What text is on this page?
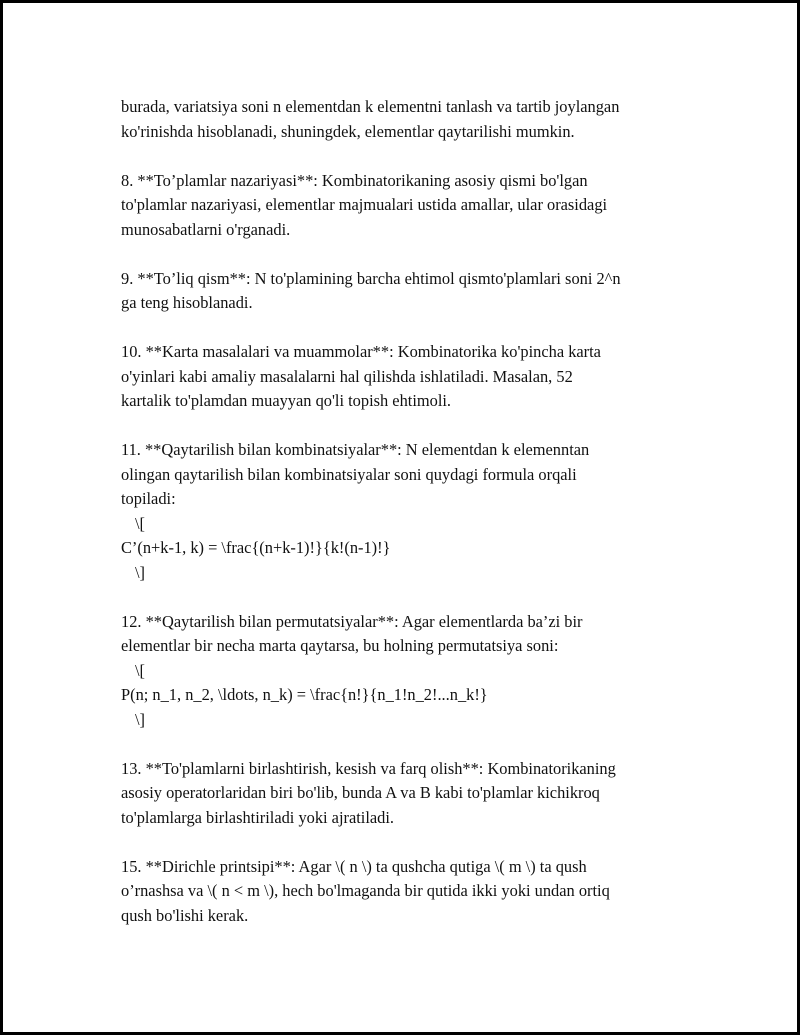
burada, variatsiya soni n elementdan k elementni tanlash va tartib joylangan
ko'rinishda hisoblanadi, shuningdek, elementlar qaytarilishi mumkin.
8. **To’plamlar nazariyasi**: Kombinatorikaning asosiy qismi bo'lgan
to'plamlar nazariyasi, elementlar majmualari ustida amallar, ular orasidagi
munosabatlarni o'rganadi.
9. **To’liq qism**: N to'plamining barcha ehtimol qismto'plamlari soni 2^n
ga teng hisoblanadi.
10. **Karta masalalari va muammolar**: Kombinatorika ko'pincha karta
o'yinlari kabi amaliy masalalarni hal qilishda ishlatiladi. Masalan, 52
kartalik to'plamdan muayyan qo'li topish ehtimoli.
11. **Qaytarilish bilan kombinatsiyalar**: N elementdan k elemenntan
olingan qaytarilish bilan kombinatsiyalar soni quydagi formula orqali
topiladi:
\[
C’(n+k-1, k) = \frac{(n+k-1)!}{k!(n-1)!}
\]
12. **Qaytarilish bilan permutatsiyalar**: Agar elementlarda ba’zi bir
elementlar bir necha marta qaytarsa, bu holning permutatsiya soni:
\[
P(n; n_1, n_2, \ldots, n_k) = \frac{n!}{n_1!n_2!...n_k!}
\]
13. **To'plamlarni birlashtirish, kesish va farq olish**: Kombinatorikaning
asosiy operatorlaridan biri bo'lib, bunda A va B kabi to'plamlar kichikroq
to'plamlarga birlashtiriladi yoki ajratiladi.
15. **Dirichle printsipi**: Agar \( n \) ta qushcha qutiga \( m \) ta qush
o’rnashsa va \( n < m \), hech bo'lmaganda bir qutida ikki yoki undan ortiq
qush bo'lishi kerak.
